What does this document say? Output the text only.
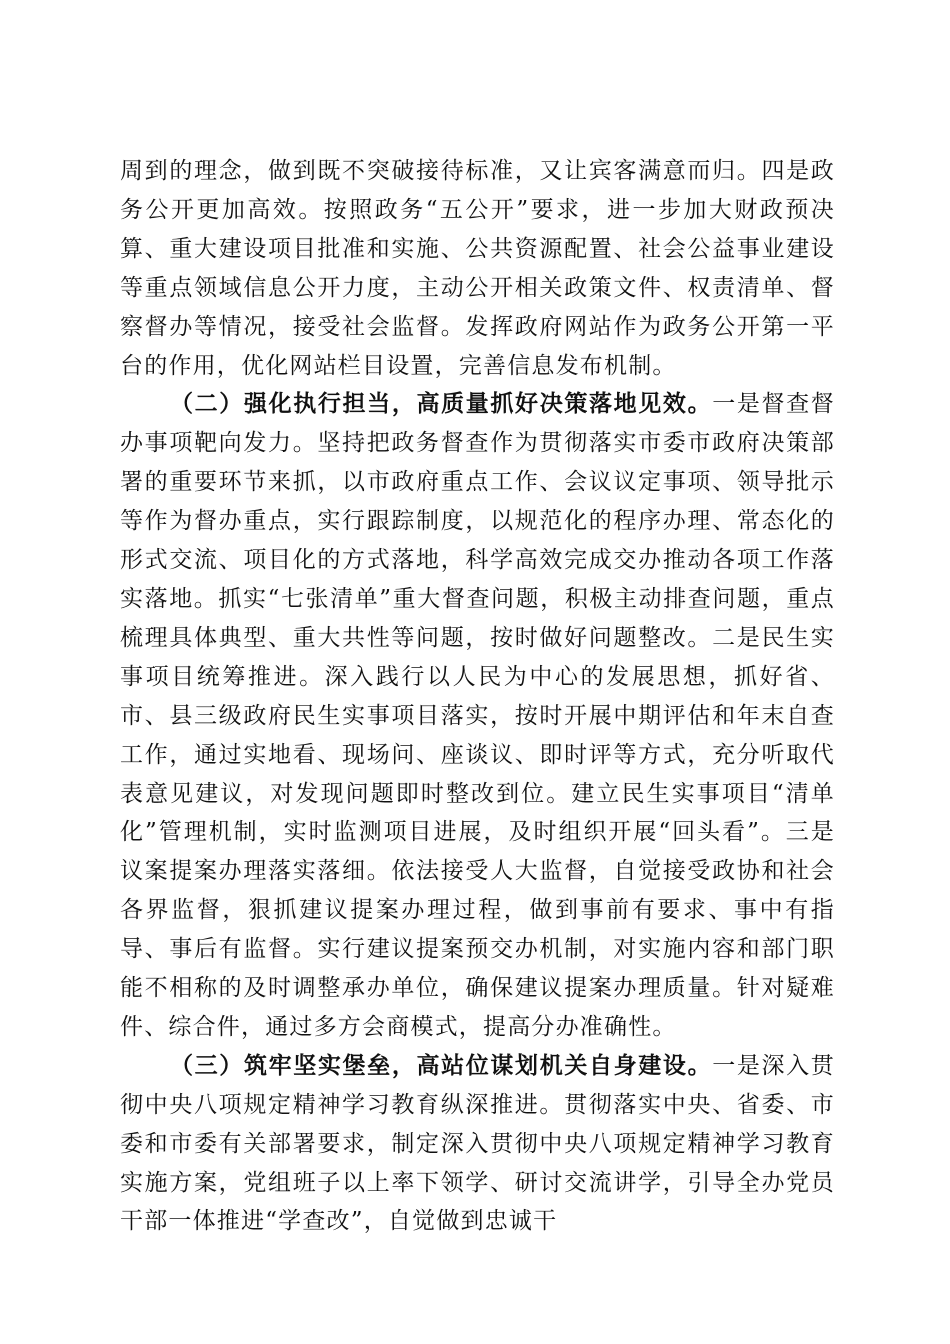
周到的理念，做到既不突破接待标准，又让宾客满意而归。四是政务公开更加高效。按照政务“五公开”要求，进一步加大财政预决算、重大建设项目批准和实施、公共资源配置、社会公益事业建设等重点领域信息公开力度，主动公开相关政策文件、权责清单、督察督办等情况，接受社会监督。发挥政府网站作为政务公开第一平台的作用，优化网站栏目设置，完善信息发布机制。

（二）强化执行担当，高质量抓好决策落地见效。一是督查督办事项靶向发力。坚持把政务督查作为贯彻落实市委市政府决策部署的重要环节来抓，以市政府重点工作、会议议定事项、领导批示等作为督办重点，实行跟踪制度，以规范化的程序办理、常态化的形式交流、项目化的方式落地，科学高效完成交办推动各项工作落实落地。抓实“七张清单”重大督查问题，积极主动排查问题，重点梳理具体典型、重大共性等问题，按时做好问题整改。二是民生实事项目统筹推进。深入践行以人民为中心的发展思想，抓好省、市、县三级政府民生实事项目落实，按时开展中期评估和年末自查工作，通过实地看、现场问、座谈议、即时评等方式，充分听取代表意见建议，对发现问题即时整改到位。建立民生实事项目“清单化”管理机制，实时监测项目进展，及时组织开展“回头看”。三是议案提案办理落实落细。依法接受人大监督，自觉接受政协和社会各界监督，狠抓建议提案办理过程，做到事前有要求、事中有指导、事后有监督。实行建议提案预交办机制，对实施内容和部门职能不相称的及时调整承办单位，确保建议提案办理质量。针对疑难件、综合件，通过多方会商模式，提高分办准确性。

（三）筑牢坚实堡垒，高站位谋划机关自身建设。一是深入贯彻中央八项规定精神学习教育纵深推进。贯彻落实中央、省委、市委和市委有关部署要求，制定深入贯彻中央八项规定精神学习教育实施方案，党组班子以上率下领学、研讨交流讲学，引导全办党员干部一体推进“学查改”，自觉做到忠诚干
